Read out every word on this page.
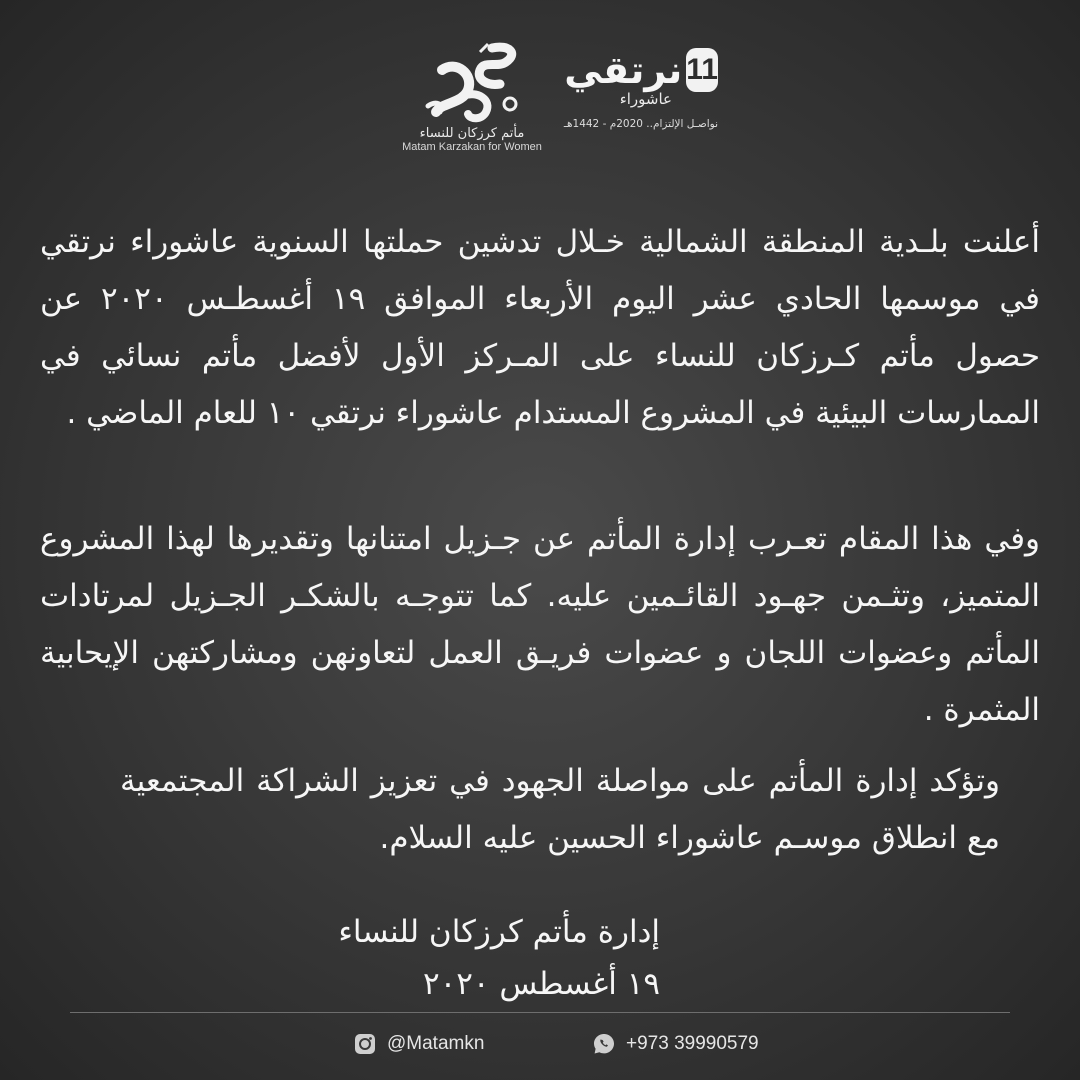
مأتم كرزكان للنساء
Matam Karzakan for Women
نرتقي 11
عاشوراء
نواصـل الإلتزام.. 2020م - 1442هـ
أعلنت بلـدية المنطقة الشمالية خـلال تدشين حملتها السنوية عاشوراء نرتقي في موسمها الحادي عشر اليوم الأربعاء الموافق ١٩ أغسطـس ٢٠٢٠ عن حصول مأتم كـرزكان للنساء على المـركز الأول لأفضل مأتم نسائي في الممارسات البيئية في المشروع المستدام عاشوراء نرتقي ١٠ للعام الماضي .
وفي هذا المقام تعـرب إدارة المأتم عن جـزيل امتنانها وتقديرها لهذا المشروع المتميز، وتثـمن جهـود القائـمين عليه. كما تتوجـه بالشكـر الجـزيل لمرتادات المأتم وعضوات اللجان و عضوات فريـق العمل لتعاونهن ومشاركتهن الإيحابية المثمرة .
وتؤكد إدارة المأتم على مواصلة الجهود في تعزيز الشراكة المجتمعية مع انطلاق موسـم عاشوراء الحسين عليه السلام.
إدارة مأتم كرزكان للنساء
١٩ أغسطس ٢٠٢٠
@Matamkn	+973 39990579
